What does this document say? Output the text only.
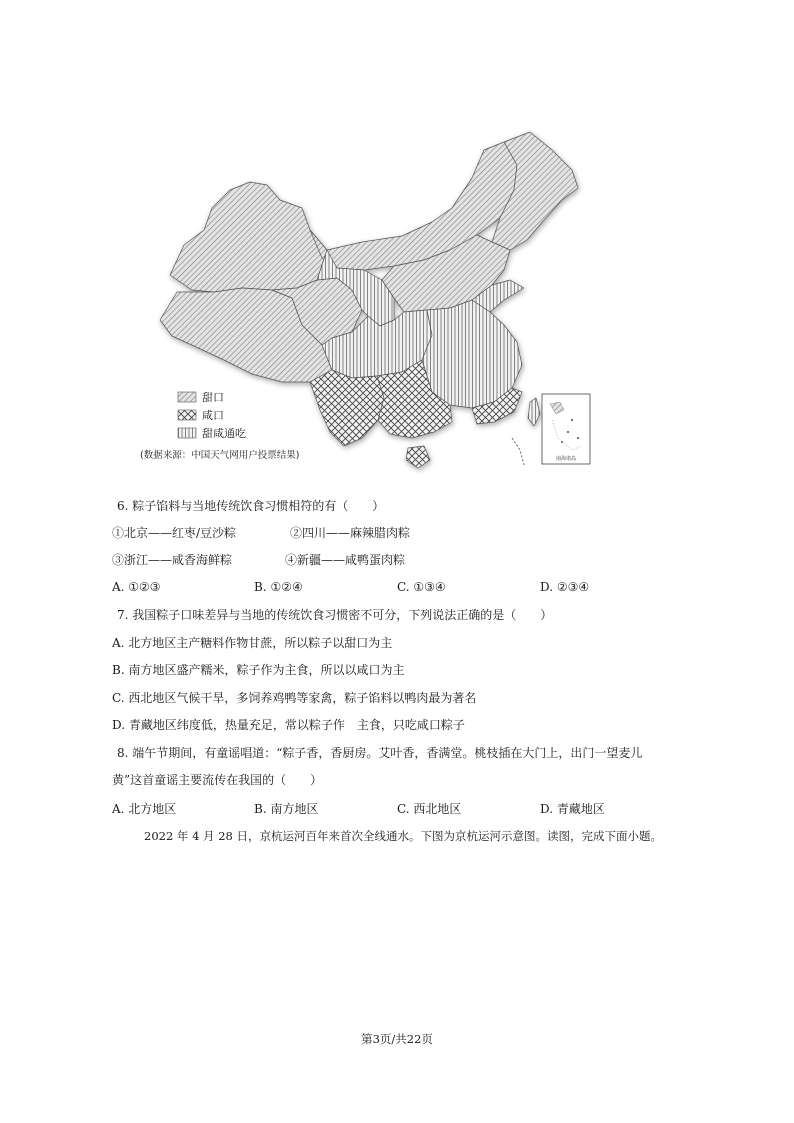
南海诸岛
甜口
咸口
甜咸通吃
(数据来源：中国天气网用户投票结果)
6. 粽子馅料与当地传统饮食习惯相符的有（　　）
①北京——红枣/豆沙粽	②四川——麻辣腊肉粽
③浙江——咸香海鲜粽	④新疆——咸鸭蛋肉粽
A. ①②③	B. ①②④	C. ①③④	D. ②③④
7. 我国粽子口味差异与当地的传统饮食习惯密不可分，下列说法正确的是（　　）
A. 北方地区主产糖料作物甘蔗，所以粽子以甜口为主
B. 南方地区盛产糯米，粽子作为主食，所以以咸口为主
C. 西北地区气候干旱，多饲养鸡鸭等家禽，粽子馅料以鸭肉最为著名
D. 青藏地区纬度低，热量充足，常以粽子作　主食，只吃咸口粽子
8. 端午节期间，有童谣唱道：“粽子香，香厨房。艾叶香，香满堂。桃枝插在大门上，出门一望麦儿
黄”这首童谣主要流传在我国的（　　）
A. 北方地区	B. 南方地区	C. 西北地区	D. 青藏地区
2022 年 4 月 28 日，京杭运河百年来首次全线通水。下图为京杭运河示意图。读图，完成下面小题。
第3页/共22页
